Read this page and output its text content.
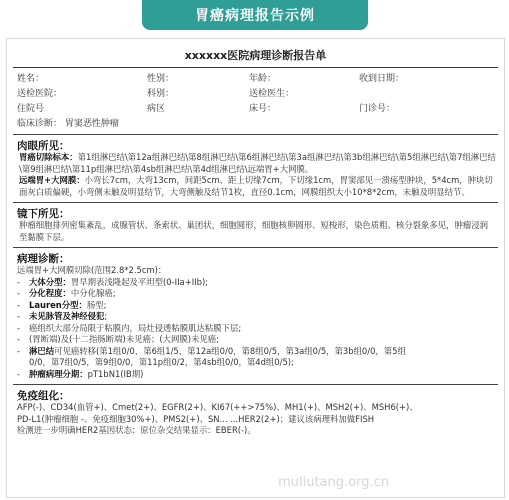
胃癌病理报告示例
xxxxxx医院病理诊断报告单
姓名：	性别：	年龄：	收到日期：
送检医院：	科别：	送检医生：
住院号	病区	床号：	门诊号：
临床诊断： 胃窦恶性肿瘤
肉眼所见：
胃癌切除标本：第1组淋巴结\第12a组淋巴结\第8组淋巴结\第6组淋巴结\第3a组淋巴结\第3b组淋巴结\第5组淋巴结\第7组淋巴结\第9组淋巴结\第11p组淋巴结\第4sb组淋巴结\第4d组淋巴结\远端胃+大网膜。
远端胃+大网膜：小弯长7cm，大弯13cm，间距5cm、距上切缘7cm，下切缘1cm，胃窦部见一溃疡型肿块，5*4cm，肿块切面灰白质偏硬，小弯侧未触及明显结节，大弯侧触及结节1枚，直径0.1cm，网膜组织大小10*8*2cm，未触及明显结节。
镜下所见：
肿瘤细胞排列密集紊乱，成腺管状、条索状、巢团状，细胞圆形，细胞核卵圆形、短梭形，染色质粗、核分裂象多见，肿瘤浸润至黏膜下层。
病理诊断：
远端胃+大网膜切除(范围2.8*2.5cm)：
- 大体分型：胃早期表浅隆起及平坦型(0-IIa+IIb);
- 分化程度：中分化腺癌;
- Lauren分型：肠型;
- 未见脉管及神经侵犯;
- 癌组织大部分局限于粘膜内，局灶侵透粘膜肌达粘膜下层;
- (胃断端)及(十二指肠断端)未见癌；(大网膜)未见癌;
- 淋巴结可见癌转移(第1组0/0，第6组1/5，第12a组0/0，第8组0/5，第3a组0/5，第3b组0/0，第5组
0/0，第7组0/5，第9组0/0，第11p组0/2，第4sb组0/0，第4d组0/5);
- 肿瘤病理分期：pT1bN1(IB期)
免疫组化：
AFP(-)、CD34(血管+)、Cmet(2+)、EGFR(2+)、KI67(++>75%)、MH1(+)、MSH2(+)、MSH6(+)、
PD-L1(肿瘤细胞 -、免疫细胞30%+)、PMS2(+)、SN... ...HER2(2+)；建议该病理科加做FISH
检测进一步明确HER2基因状态；原位杂交结果显示：EBER(-)。
muliutang.org.cn
